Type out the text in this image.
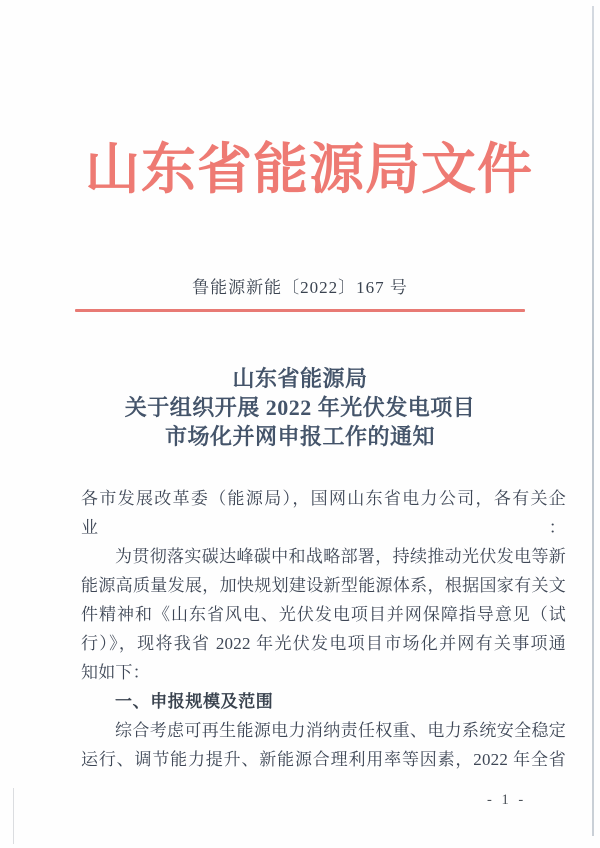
山东省能源局文件
鲁能源新能〔2022〕167 号
山东省能源局
关于组织开展 2022 年光伏发电项目
市场化并网申报工作的通知
各市发展改革委（能源局），国网山东省电力公司，各有关企业：
为贯彻落实碳达峰碳中和战略部署，持续推动光伏发电等新
能源高质量发展，加快规划建设新型能源体系，根据国家有关文
件精神和《山东省风电、光伏发电项目并网保障指导意见（试
行）》，现将我省 2022 年光伏发电项目市场化并网有关事项通
知如下：
一、申报规模及范围
综合考虑可再生能源电力消纳责任权重、电力系统安全稳定
运行、调节能力提升、新能源合理利用率等因素，2022 年全省
- 1 -
